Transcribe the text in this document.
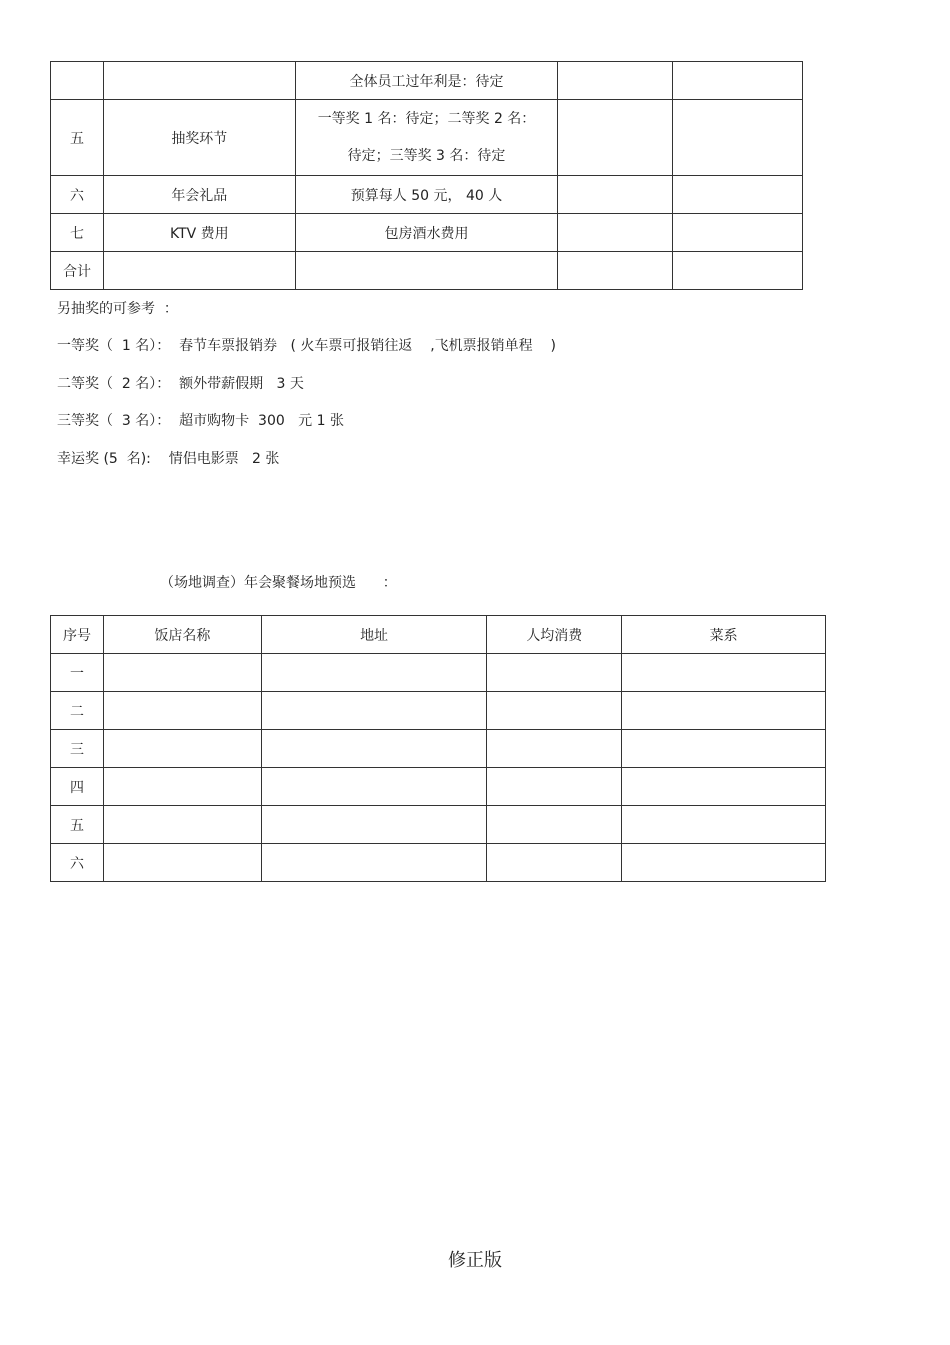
		全体员工过年利是：待定		
五	抽奖环节	一等奖 1 名：待定；二等奖 2 名：
待定；三等奖 3 名：待定		

六	年会礼品	预算每人 50 元， 40 人		
七	KTV 费用	包房酒水费用		
合计				
另抽奖的可参考  ：
一等奖（  1 名）：  春节车票报销券   ( 火车票可报销往返    ,飞机票报销单程    )
二等奖（  2 名）：  额外带薪假期   3 天
三等奖（  3 名）：  超市购物卡  300   元 1 张
幸运奖 (5  名):    情侣电影票   2 张
（场地调查）年会聚餐场地预选      ：
序号	饭店名称	地址	人均消费	菜系
一				
二				
三				
四				
五				
六				
修正版
